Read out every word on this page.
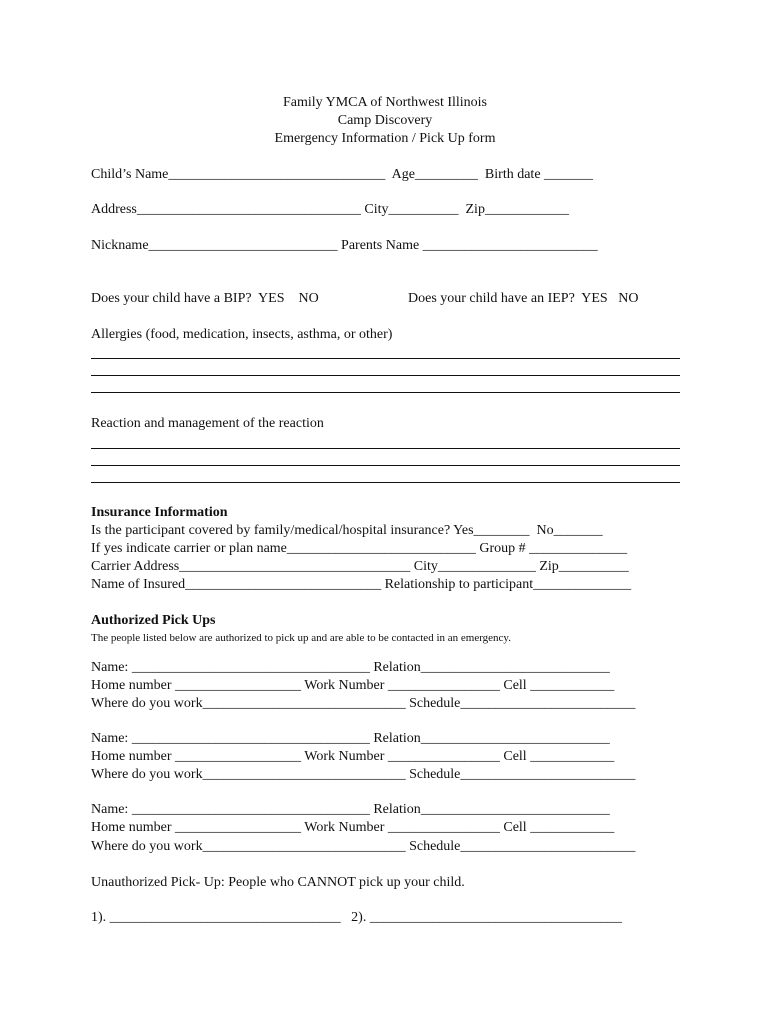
Family YMCA of Northwest Illinois
Camp Discovery
Emergency Information / Pick Up form
Child’s Name_______________________________  Age_________  Birth date _______
Address________________________________ City__________  Zip____________
Nickname___________________________ Parents Name _________________________
Does your child have a BIP?  YES    NO	Does your child have an IEP?  YES   NO
Allergies (food, medication, insects, asthma, or other)
Reaction and management of the reaction
Insurance Information
Is the participant covered by family/medical/hospital insurance? Yes________  No_______
If yes indicate carrier or plan name___________________________ Group # ______________
Carrier Address_________________________________ City______________ Zip__________
Name of Insured____________________________ Relationship to participant______________
Authorized Pick Ups
The people listed below are authorized to pick up and are able to be contacted in an emergency.
Name: __________________________________ Relation___________________________
Home number __________________ Work Number ________________ Cell ____________
Where do you work_____________________________ Schedule_________________________
Name: __________________________________ Relation___________________________
Home number __________________ Work Number ________________ Cell ____________
Where do you work_____________________________ Schedule_________________________
Name: __________________________________ Relation___________________________
Home number __________________ Work Number ________________ Cell ____________
Where do you work_____________________________ Schedule_________________________
Unauthorized Pick- Up: People who CANNOT pick up your child.
1). _________________________________   2). ____________________________________
